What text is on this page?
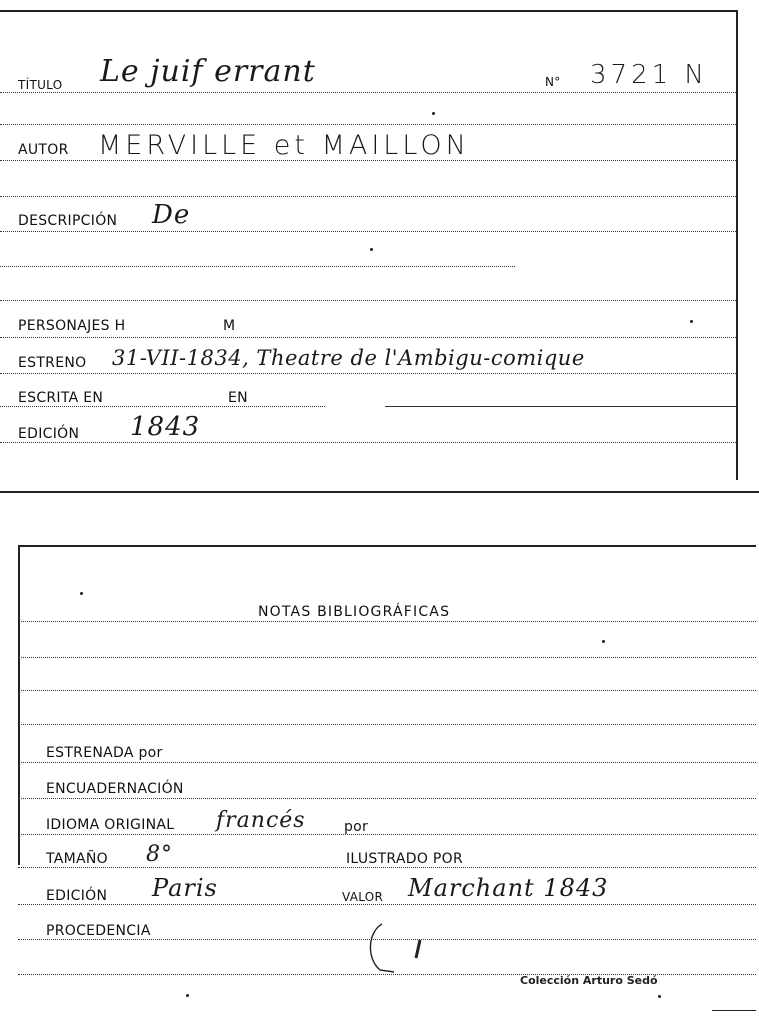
TÍTULO Le juif errant	N° 3721 N
AUTOR MERVILLE et MAILLON
DESCRIPCIÓN De
PERSONAJES H	M
ESTRENO 31-VII-1834, Theatre de l'Ambigu-comique
ESCRITA EN	EN
EDICIÓN 1843
NOTAS BIBLIOGRÁFICAS
ESTRENADA por
ENCUADERNACIÓN
IDIOMA ORIGINAL francés	por
TAMAÑO 8°	ILUSTRADO POR
EDICIÓN Paris	VALOR Marchant 1843
PROCEDENCIA
Colección Arturo Sedó
